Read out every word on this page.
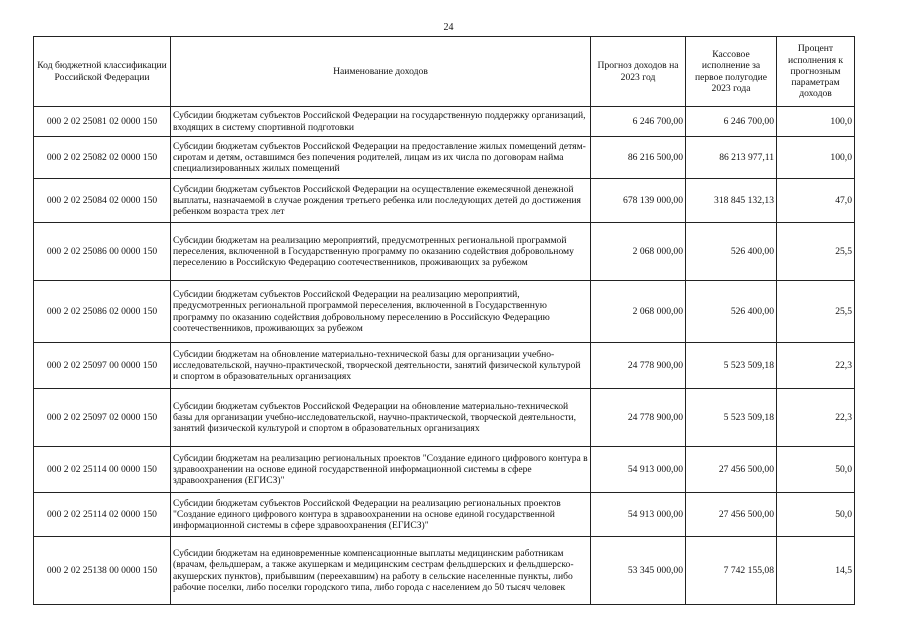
24
Код бюджетной классификации Российской Федерации	Наименование доходов	Прогноз доходов на 2023 год	Кассовое исполнение за первое полугодие 2023 года	Процент исполнения к прогнозным параметрам доходов
000 2 02 25081 02 0000 150	Субсидии бюджетам субъектов Российской Федерации на государственную поддержку организаций, входящих в систему спортивной подготовки	6 246 700,00	6 246 700,00	100,0
000 2 02 25082 02 0000 150	Субсидии бюджетам субъектов Российской Федерации на предоставление жилых помещений детям-сиротам и детям, оставшимся без попечения родителей, лицам из их числа по договорам найма специализированных жилых помещений	86 216 500,00	86 213 977,11	100,0
000 2 02 25084 02 0000 150	Субсидии бюджетам субъектов Российской Федерации на осуществление ежемесячной денежной выплаты, назначаемой в случае рождения третьего ребенка или последующих детей до достижения ребенком возраста трех лет	678 139 000,00	318 845 132,13	47,0
000 2 02 25086 00 0000 150	Субсидии бюджетам на реализацию мероприятий, предусмотренных региональной программой переселения, включенной в Государственную программу по оказанию содействия добровольному переселению в Российскую Федерацию соотечественников, проживающих за рубежом	2 068 000,00	526 400,00	25,5
000 2 02 25086 02 0000 150	Субсидии бюджетам субъектов Российской Федерации на реализацию мероприятий, предусмотренных региональной программой переселения, включенной в Государственную программу по оказанию содействия добровольному переселению в Российскую Федерацию соотечественников, проживающих за рубежом	2 068 000,00	526 400,00	25,5
000 2 02 25097 00 0000 150	Субсидии бюджетам на обновление материально-технической базы для организации учебно-исследовательской, научно-практической, творческой деятельности, занятий физической культурой и спортом в образовательных организациях	24 778 900,00	5 523 509,18	22,3
000 2 02 25097 02 0000 150	Субсидии бюджетам субъектов Российской Федерации на обновление материально-технической базы для организации учебно-исследовательской, научно-практической, творческой деятельности, занятий физической культурой и спортом в образовательных организациях	24 778 900,00	5 523 509,18	22,3
000 2 02 25114 00 0000 150	Субсидии бюджетам на реализацию региональных проектов "Создание единого цифрового контура в здравоохранении на основе единой государственной информационной системы в сфере здравоохранения (ЕГИСЗ)"	54 913 000,00	27 456 500,00	50,0
000 2 02 25114 02 0000 150	Субсидии бюджетам субъектов Российской Федерации на реализацию региональных проектов "Создание единого цифрового контура в здравоохранении на основе единой государственной информационной системы в сфере здравоохранения (ЕГИСЗ)"	54 913 000,00	27 456 500,00	50,0
000 2 02 25138 00 0000 150	Субсидии бюджетам на единовременные компенсационные выплаты медицинским работникам (врачам, фельдшерам, а также акушеркам и медицинским сестрам фельдшерских и фельдшерско-акушерских пунктов), прибывшим (переехавшим) на работу в сельские населенные пункты, либо рабочие поселки, либо поселки городского типа, либо города с населением до 50 тысяч человек	53 345 000,00	7 742 155,08	14,5
